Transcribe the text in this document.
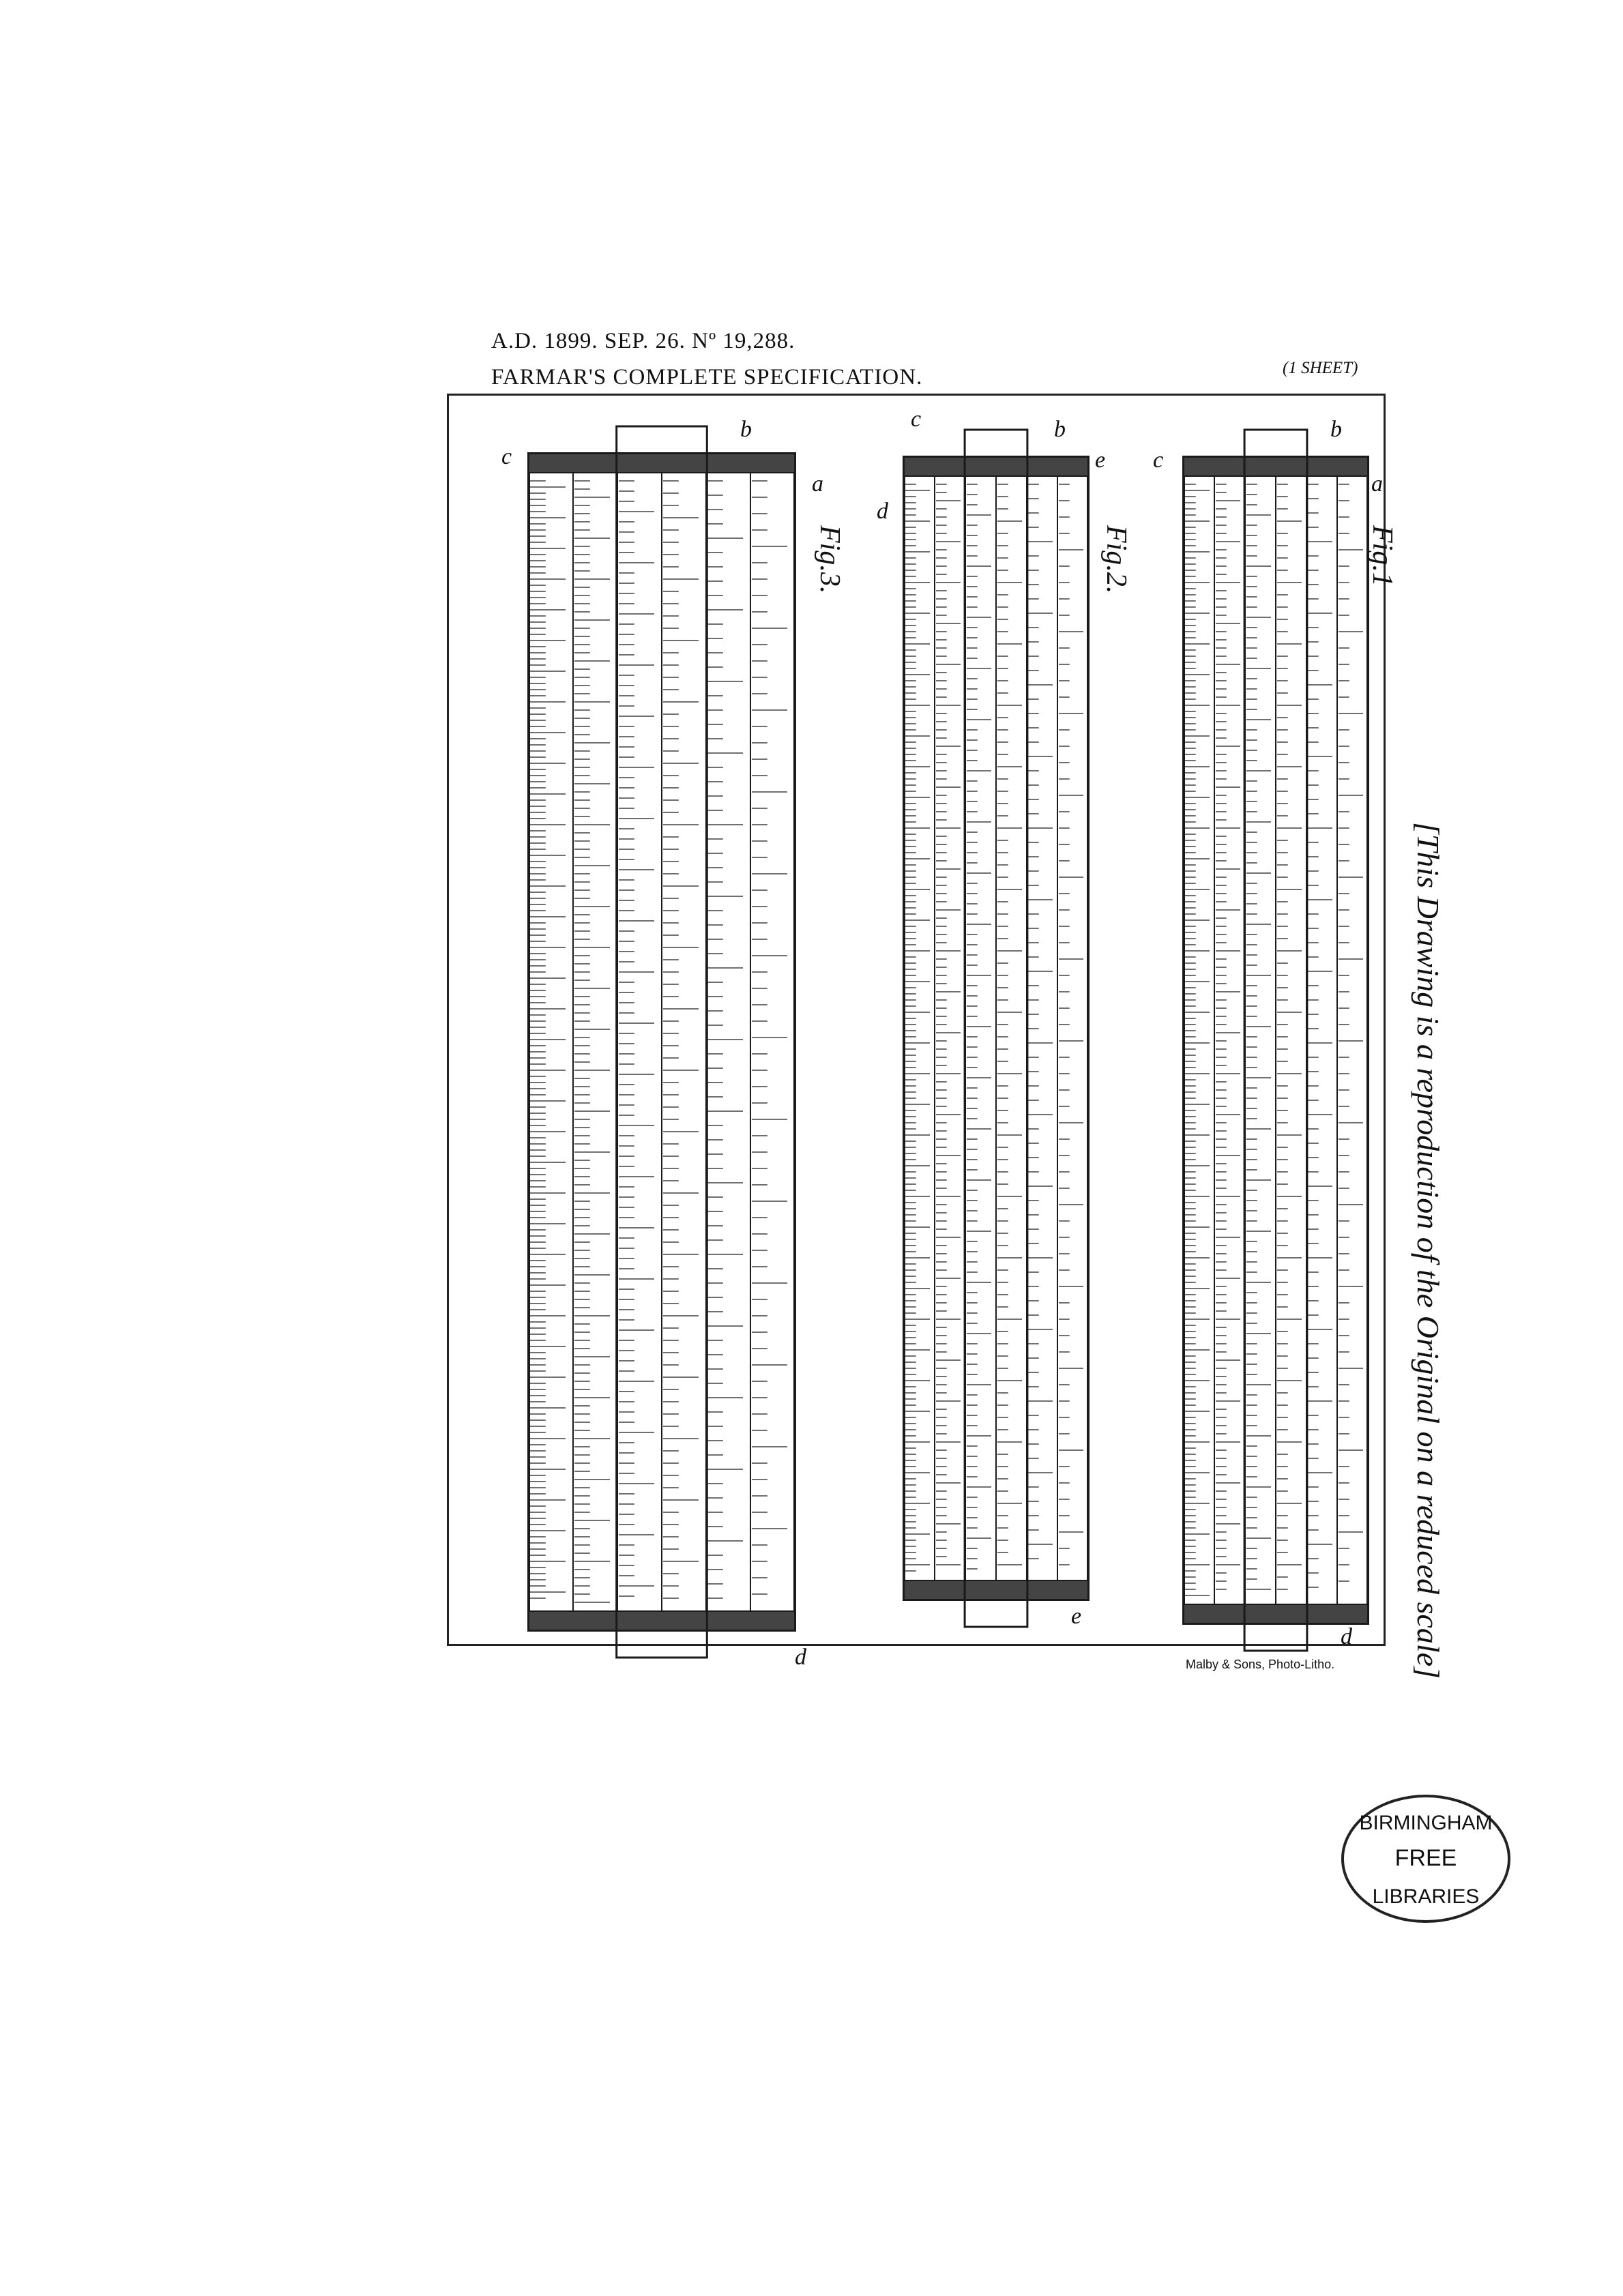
A.D. 1899. SEP. 26. Nº 19,288.
FARMAR'S COMPLETE SPECIFICATION.	(1 SHEET)
a
b
c
d
b
c
e
d
e
b
c
a
d
Fig.1
Fig.2.
Fig.3.
[This Drawing is a reproduction of the Original on a reduced scale]
Malby & Sons, Photo-Litho.
BIRMINGHAM
FREE
LIBRARIES
